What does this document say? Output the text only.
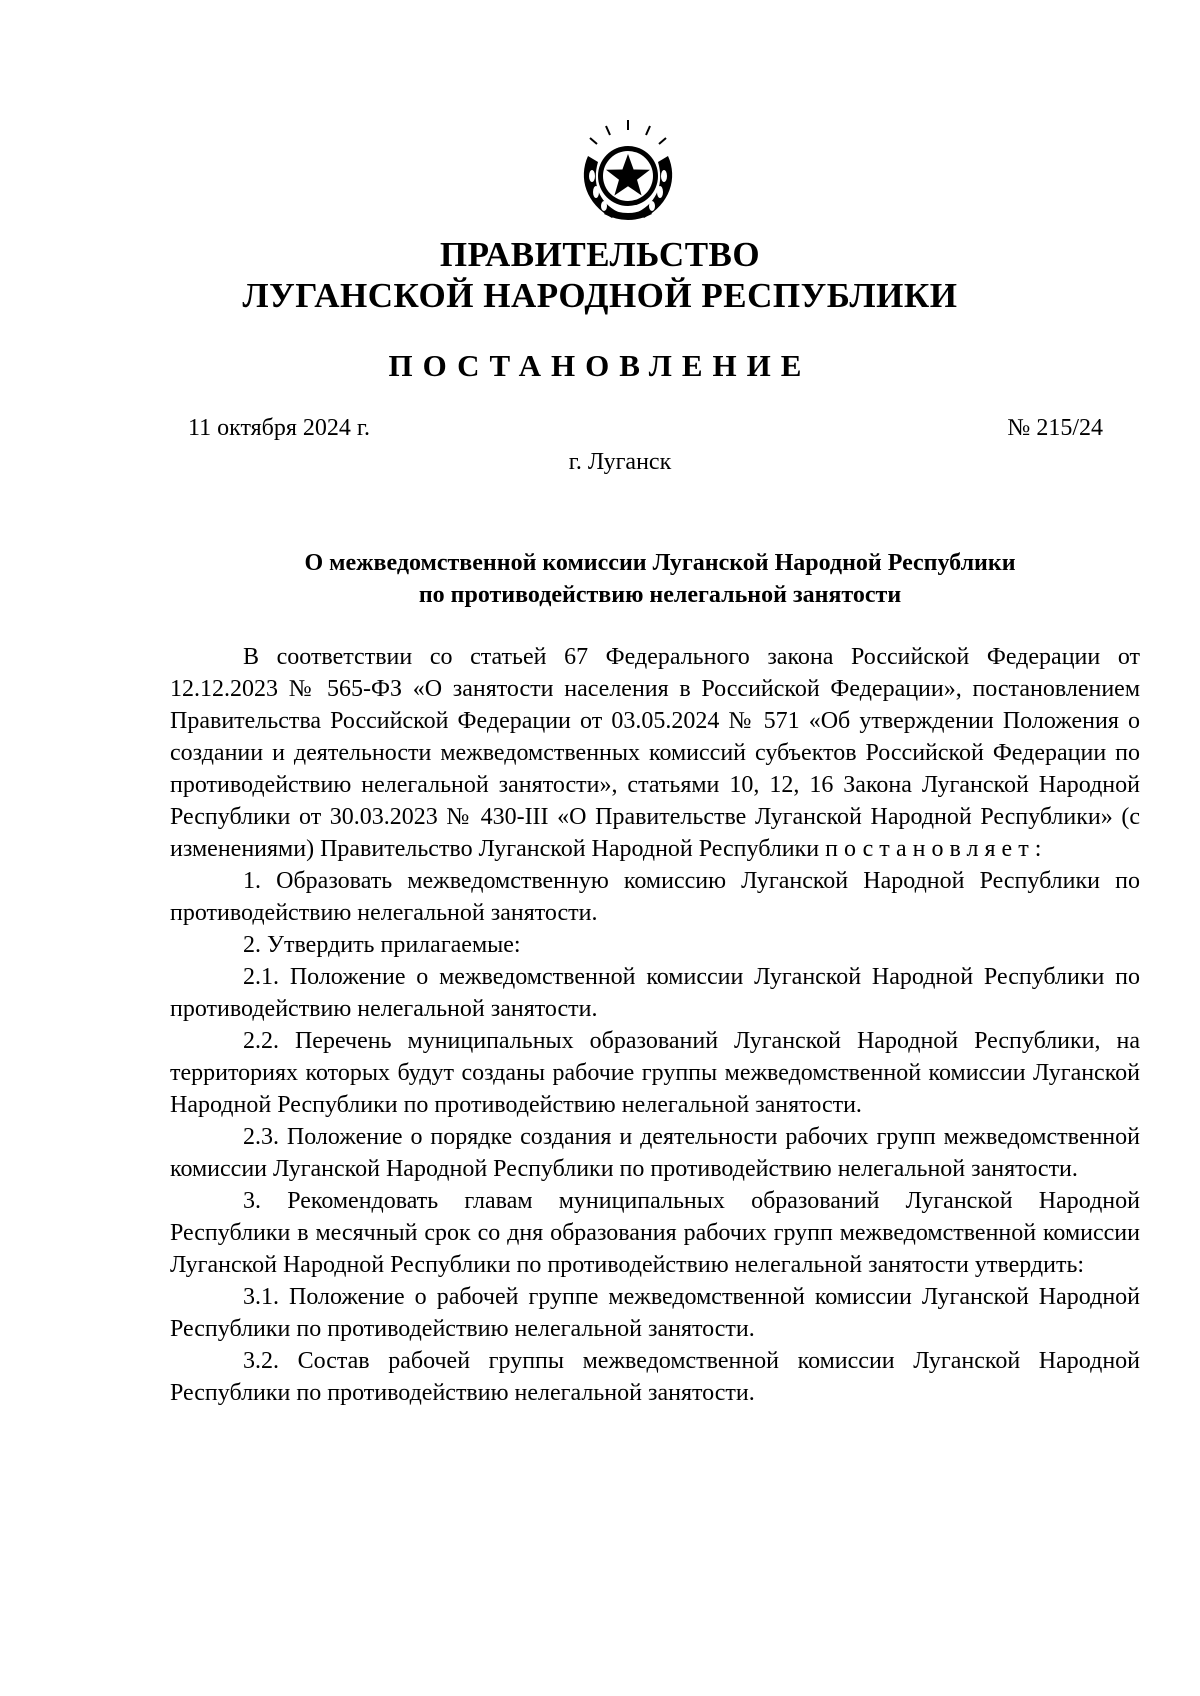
ПРАВИТЕЛЬСТВО
ЛУГАНСКОЙ НАРОДНОЙ РЕСПУБЛИКИ
ПОСТАНОВЛЕНИЕ
11 октября 2024 г.	№ 215/24
г. Луганск
О межведомственной комиссии Луганской Народной Республики
по противодействию нелегальной занятости

В соответствии со статьей 67 Федерального закона Российской Федерации от 12.12.2023 № 565-ФЗ «О занятости населения в Российской Федерации», постановлением Правительства Российской Федерации от 03.05.2024 № 571 «Об утверждении Положения о создании и деятельности межведомственных комиссий субъектов Российской Федерации по противодействию нелегальной занятости», статьями 10, 12, 16 Закона Луганской Народной Республики от 30.03.2023 № 430-III «О Правительстве Луганской Народной Республики» (с изменениями) Правительство Луганской Народной Республики постановляет:

1. Образовать межведомственную комиссию Луганской Народной Республики по противодействию нелегальной занятости.

2. Утвердить прилагаемые:

2.1. Положение о межведомственной комиссии Луганской Народной Республики по противодействию нелегальной занятости.

2.2. Перечень муниципальных образований Луганской Народной Республики, на территориях которых будут созданы рабочие группы межведомственной комиссии Луганской Народной Республики по противодействию нелегальной занятости.

2.3. Положение о порядке создания и деятельности рабочих групп межведомственной комиссии Луганской Народной Республики по противодействию нелегальной занятости.

3. Рекомендовать главам муниципальных образований Луганской Народной Республики в месячный срок со дня образования рабочих групп межведомственной комиссии Луганской Народной Республики по противодействию нелегальной занятости утвердить:

3.1. Положение о рабочей группе межведомственной комиссии Луганской Народной Республики по противодействию нелегальной занятости.

3.2. Состав рабочей группы межведомственной комиссии Луганской Народной Республики по противодействию нелегальной занятости.
